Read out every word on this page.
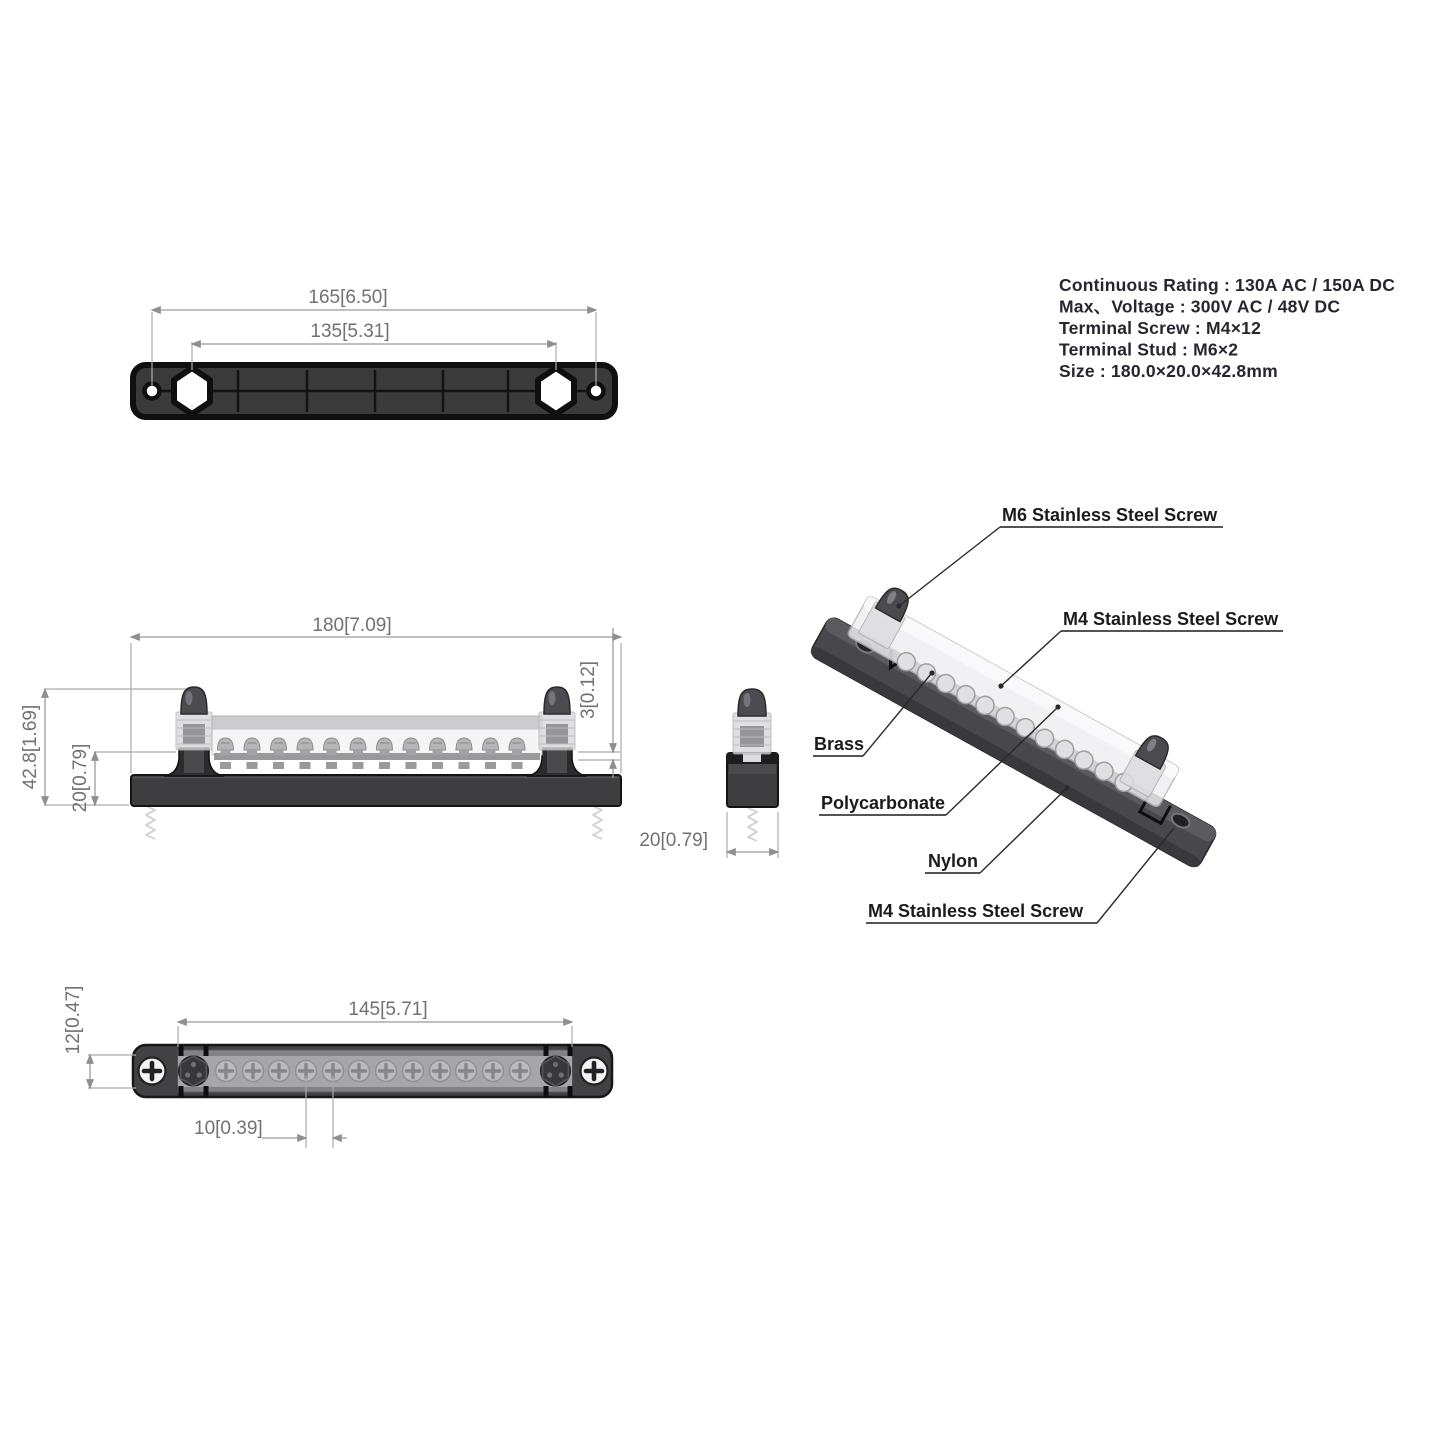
165[6.50]
135[5.31]
180[7.09]
42.8[1.69] 20[0.79]
3[0.12]
20[0.79]
145[5.71]
12[0.47]
10[0.39]
M6 Stainless Steel Screw
M4 Stainless Steel Screw
Brass
Polycarbonate
Nylon
M4 Stainless Steel Screw
Continuous Rating : 130A AC / 150A DC
Max、Voltage : 300V AC / 48V DC
Terminal Screw : M4×12
Terminal Stud : M6×2
Size : 180.0×20.0×42.8mm
